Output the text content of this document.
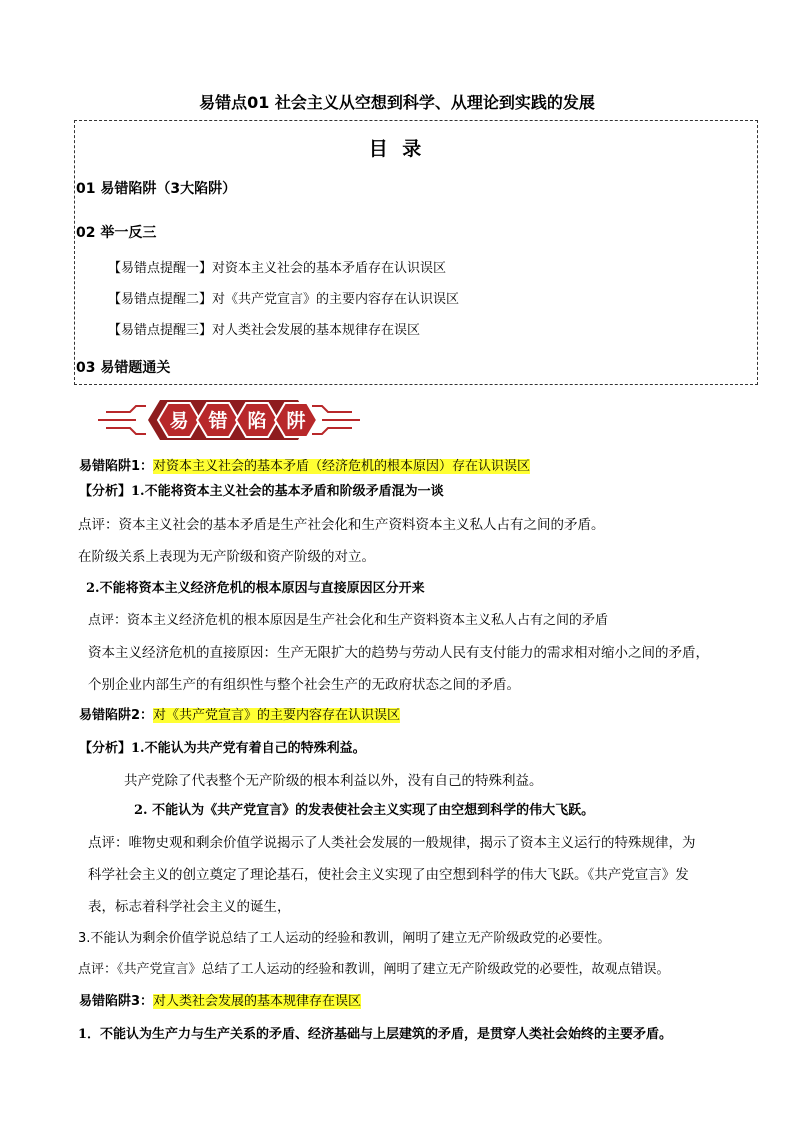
易错点01 社会主义从空想到科学、从理论到实践的发展
目 录
01 易错陷阱（3大陷阱）
02 举一反三
【易错点提醒一】对资本主义社会的基本矛盾存在认识误区
【易错点提醒二】对《共产党宣言》的主要内容存在认识误区
【易错点提醒三】对人类社会发展的基本规律存在误区
03 易错题通关
易 错 陷 阱
易错陷阱1：对资本主义社会的基本矛盾（经济危机的根本原因）存在认识误区
【分析】1.不能将资本主义社会的基本矛盾和阶级矛盾混为一谈
点评：资本主义社会的基本矛盾是生产社会化和生产资料资本主义私人占有之间的矛盾。
在阶级关系上表现为无产阶级和资产阶级的对立。
2.不能将资本主义经济危机的根本原因与直接原因区分开来
点评：资本主义经济危机的根本原因是生产社会化和生产资料资本主义私人占有之间的矛盾
资本主义经济危机的直接原因：生产无限扩大的趋势与劳动人民有支付能力的需求相对缩小之间的矛盾，
个别企业内部生产的有组织性与整个社会生产的无政府状态之间的矛盾。
易错陷阱2：对《共产党宣言》的主要内容存在认识误区
【分析】1.不能认为共产党有着自己的特殊利益。
共产党除了代表整个无产阶级的根本利益以外，没有自己的特殊利益。
2. 不能认为《共产党宣言》的发表使社会主义实现了由空想到科学的伟大飞跃。
点评：唯物史观和剩余价值学说揭示了人类社会发展的一般规律，揭示了资本主义运行的特殊规律，为
科学社会主义的创立奠定了理论基石，使社会主义实现了由空想到科学的伟大飞跃。《共产党宣言》发
表，标志着科学社会主义的诞生，
3.不能认为剩余价值学说总结了工人运动的经验和教训，阐明了建立无产阶级政党的必要性。
点评：《共产党宣言》总结了工人运动的经验和教训，阐明了建立无产阶级政党的必要性，故观点错误。
易错陷阱3：对人类社会发展的基本规律存在误区
1．不能认为生产力与生产关系的矛盾、经济基础与上层建筑的矛盾，是贯穿人类社会始终的主要矛盾。
